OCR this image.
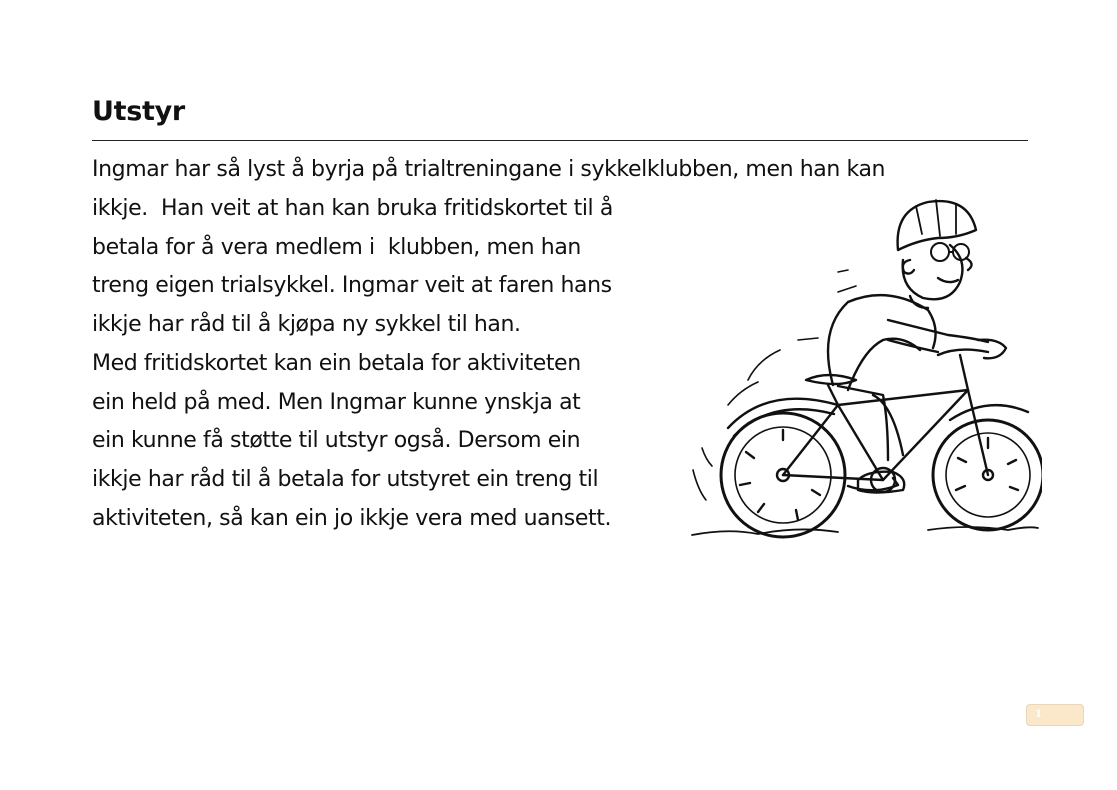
Utstyr
Ingmar har så lyst å byrja på trialtreningane i sykkelklubben, men han kan
ikkje.  Han veit at han kan bruka fritidskortet til å
betala for å vera medlem i  klubben, men han
treng eigen trialsykkel. Ingmar veit at faren hans
ikkje har råd til å kjøpa ny sykkel til han.
Med fritidskortet kan ein betala for aktiviteten
ein held på med. Men Ingmar kunne ynskja at
ein kunne få støtte til utstyr også. Dersom ein
ikkje har råd til å betala for utstyret ein treng til
aktiviteten, så kan ein jo ikkje vera med uansett.
1
